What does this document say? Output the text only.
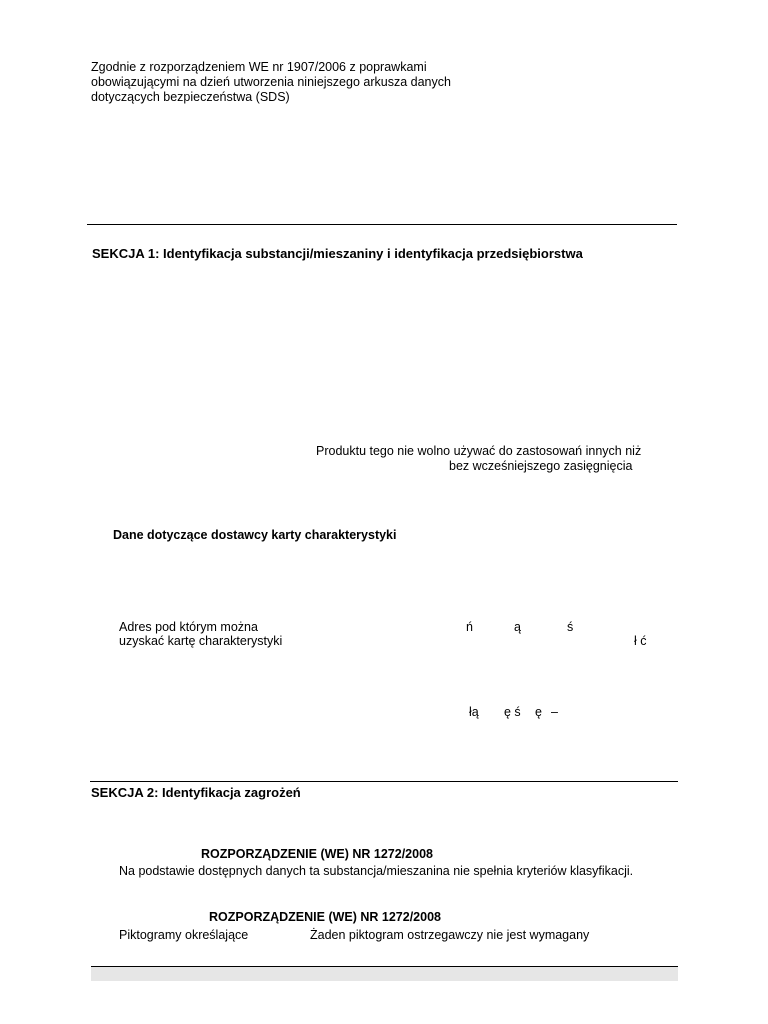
Zgodnie z rozporządzeniem WE nr 1907/2006 z poprawkami
obowiązującymi na dzień utworzenia niniejszego arkusza danych
dotyczących bezpieczeństwa (SDS)
SEKCJA 1: Identyfikacja substancji/mieszaniny i identyfikacja przedsiębiorstwa
Produktu tego nie wolno używać do zastosowań innych niż
bez wcześniejszego zasięgnięcia
Dane dotyczące dostawcy karty charakterystyki
Adres pod którym można
uzyskać kartę charakterystyki
ń	ą	ś
ł ć
łą ę ś ę –
SEKCJA 2: Identyfikacja zagrożeń
ROZPORZĄDZENIE (WE) NR 1272/2008
Na podstawie dostępnych danych ta substancja/mieszanina nie spełnia kryteriów klasyfikacji.
ROZPORZĄDZENIE (WE) NR 1272/2008
Piktogramy określające	Żaden piktogram ostrzegawczy nie jest wymagany
